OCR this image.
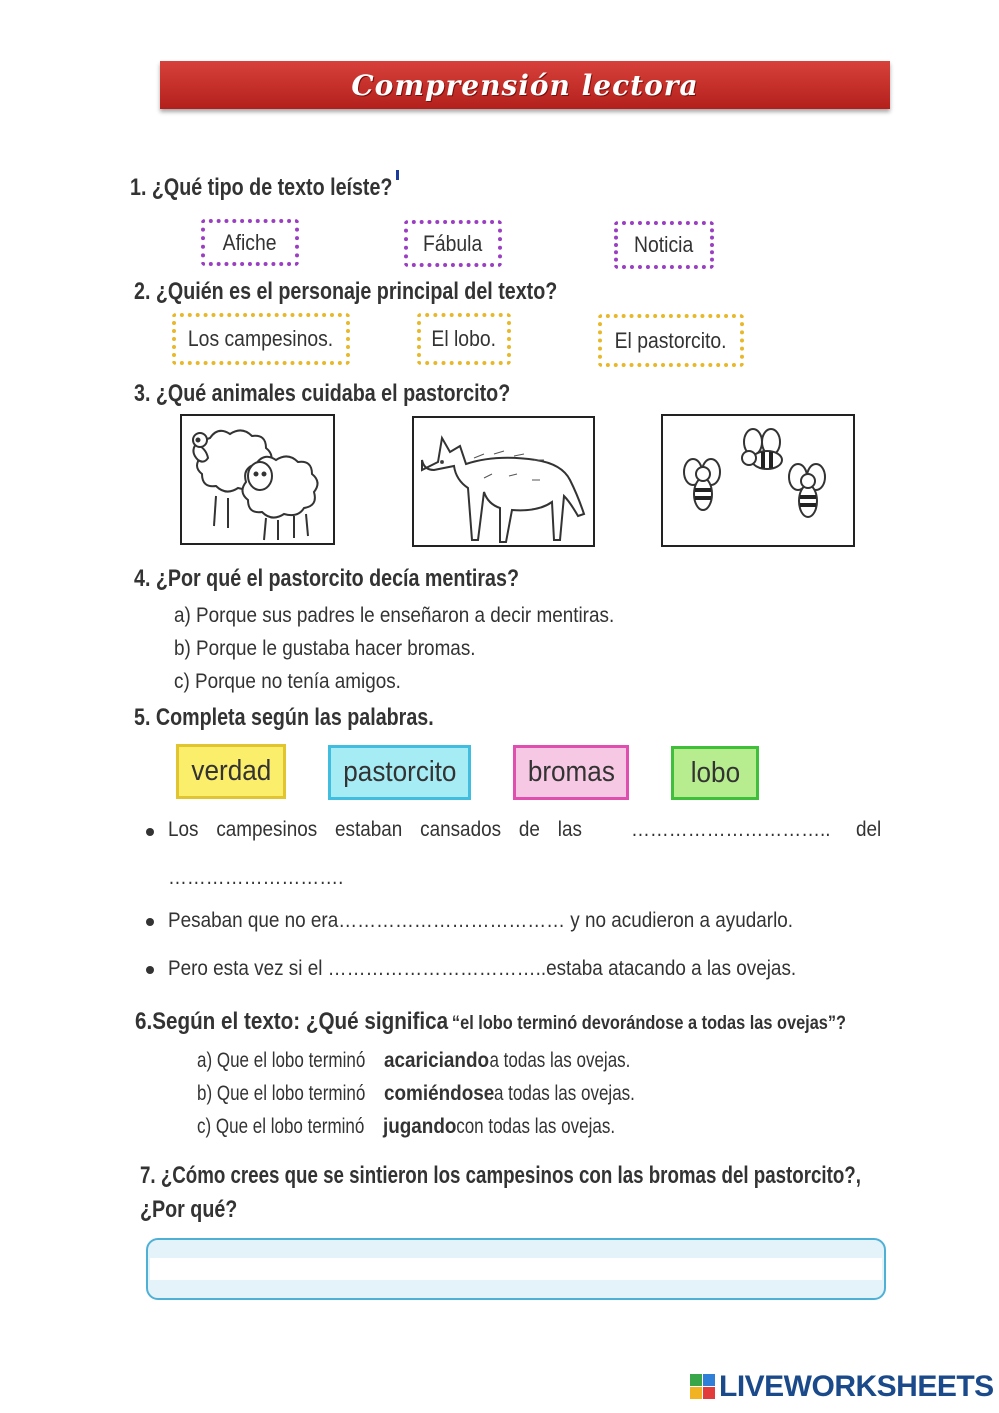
Comprensión lectora
1. ¿Qué tipo de texto leíste?
Afiche	Fábula	Noticia
2. ¿Quién es el personaje principal del texto?
Los campesinos.	El lobo.	El pastorcito.
3. ¿Qué animales cuidaba el pastorcito?
4. ¿Por qué el pastorcito decía mentiras?
a) Porque sus padres le enseñaron a decir mentiras.
b) Porque le gustaba hacer bromas.
c) Porque no tenía amigos.
5. Completa según las palabras.
verdad pastorcito bromas	lobo
Los campesinos estaban cansados de las ………………………….. del
……………………….
Pesaban que no era……………………………… y no acudieron a ayudarlo.
Pero esta vez si el ……………………………..estaba atacando a las ovejas.
6.Según el texto: ¿Qué significa “el lobo terminó devorándose a todas las ovejas”?
a) Que el lobo terminóacariciandoa todas las ovejas.
b) Que el lobo terminócomiéndosea todas las ovejas.
c) Que el lobo terminójugandocon todas las ovejas.
7. ¿Cómo crees que se sintieron los campesinos con las bromas del pastorcito?,
¿Por qué?
LIVEWORKSHEETS
